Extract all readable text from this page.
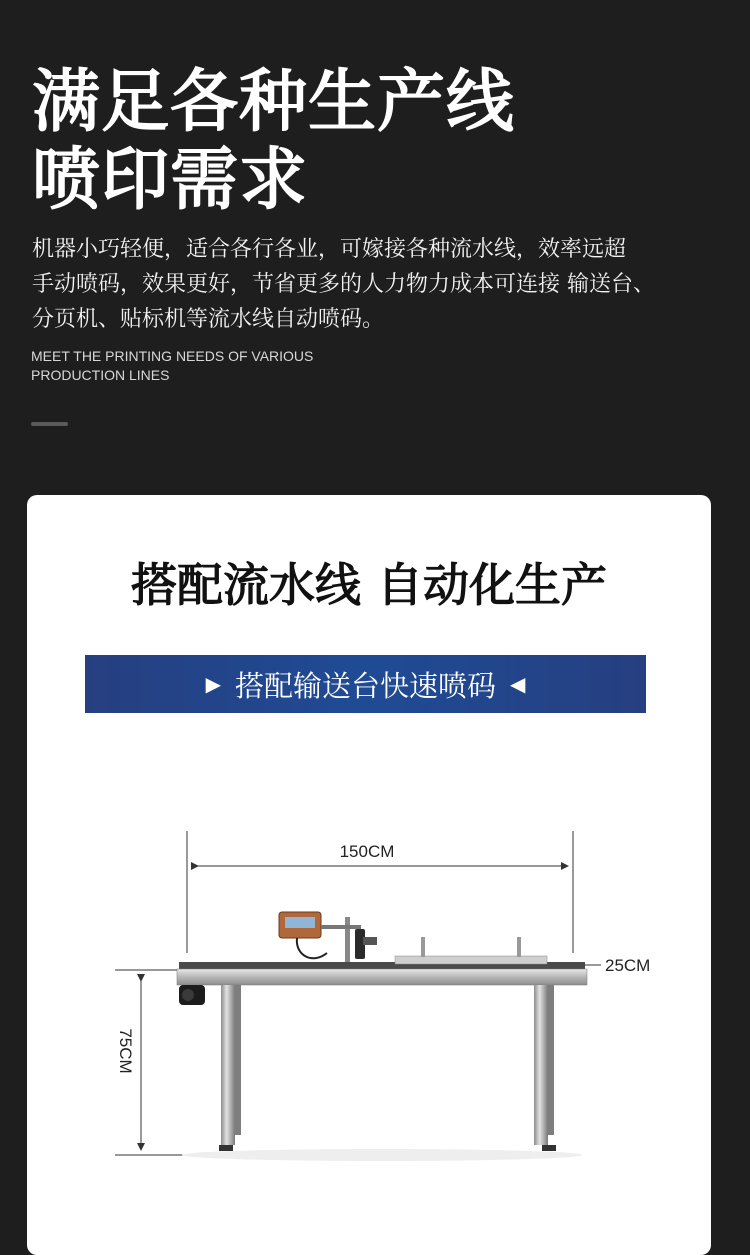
满足各种生产线
喷印需求
机器小巧轻便，适合各行各业，可嫁接各种流水线，效率远超
手动喷码，效果更好，节省更多的人力物力成本可连接 输送台、
分页机、贴标机等流水线自动喷码。
MEET THE PRINTING NEEDS OF VARIOUS
PRODUCTION LINES
搭配流水线 自动化生产
▶ 搭配输送台快速喷码 ◀
150CM
25CM
75CM
